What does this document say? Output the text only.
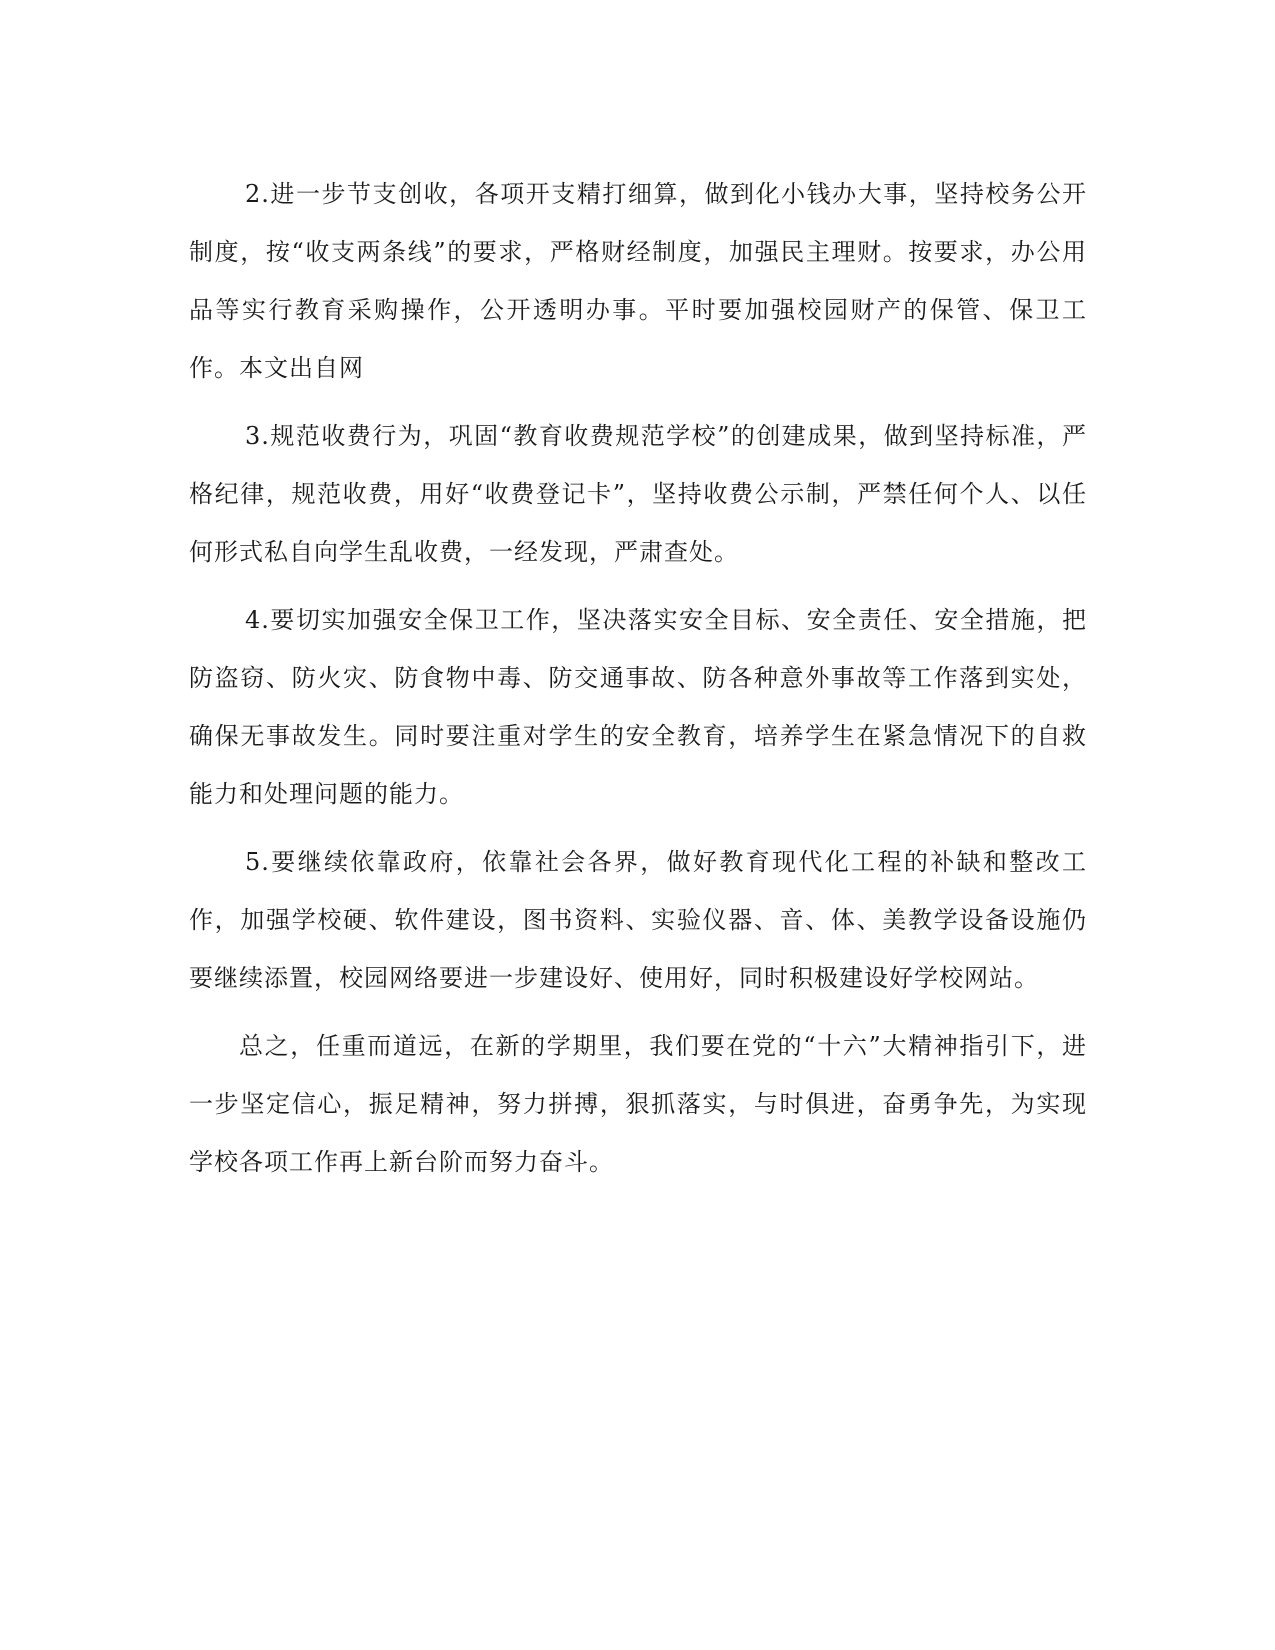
2.进一步节支创收，各项开支精打细算，做到化小钱办大事，坚持校务公开制度，按“收支两条线”的要求，严格财经制度，加强民主理财。按要求，办公用品等实行教育采购操作，公开透明办事。平时要加强校园财产的保管、保卫工作。本文出自网

3.规范收费行为，巩固“教育收费规范学校”的创建成果，做到坚持标准，严格纪律，规范收费，用好“收费登记卡”，坚持收费公示制，严禁任何个人、以任何形式私自向学生乱收费，一经发现，严肃查处。

4.要切实加强安全保卫工作，坚决落实安全目标、安全责任、安全措施，把防盗窃、防火灾、防食物中毒、防交通事故、防各种意外事故等工作落到实处，确保无事故发生。同时要注重对学生的安全教育，培养学生在紧急情况下的自救能力和处理问题的能力。

5.要继续依靠政府，依靠社会各界，做好教育现代化工程的补缺和整改工作，加强学校硬、软件建设，图书资料、实验仪器、音、体、美教学设备设施仍要继续添置，校园网络要进一步建设好、使用好，同时积极建设好学校网站。

总之，任重而道远，在新的学期里，我们要在党的“十六”大精神指引下，进一步坚定信心，振足精神，努力拼搏，狠抓落实，与时俱进，奋勇争先，为实现学校各项工作再上新台阶而努力奋斗。
